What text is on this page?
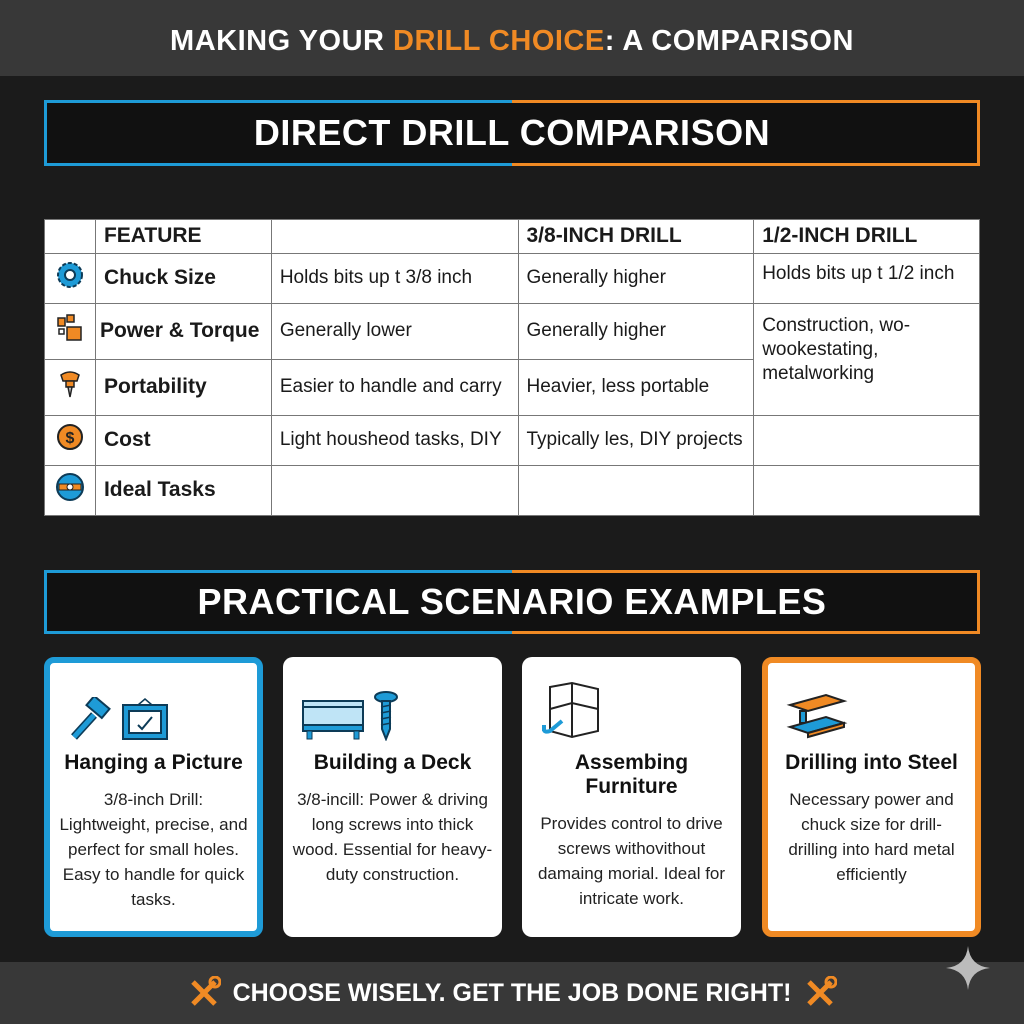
MAKING YOUR DRILL CHOICE: A COMPARISON
DIRECT DRILL COMPARISON
	FEATURE		3/8-INCH DRILL	1/2-INCH DRILL
	Chuck Size	Holds bits up t 3/8 inch	Generally higher	Holds bits up t 1/2 inch
	Power & Torque	Generally lower	Generally higher	Construction, wo- wookestating, metalworking
	Portability	Easier to handle and carry	Heavier, less portable	

$	Cost	Light housheod tasks, DIY	Typically les, DIY projects	
	Ideal Tasks			
PRACTICAL SCENARIO EXAMPLES
Hanging a Picture

3/8-inch Drill: Lightweight, precise, and perfect for small holes. Easy to handle for quick tasks.

Building a Deck

3/8-incill: Power & driving long screws into thick wood. Essential for heavy-duty construction.

Assembing Furniture

Provides control to drive screws withovithout damaing morial. Ideal for intricate work.

Drilling into Steel

Necessary power and chuck size for drill- drilling into hard metal efficiently

CHOOSE WISELY. GET THE JOB DONE RIGHT!
